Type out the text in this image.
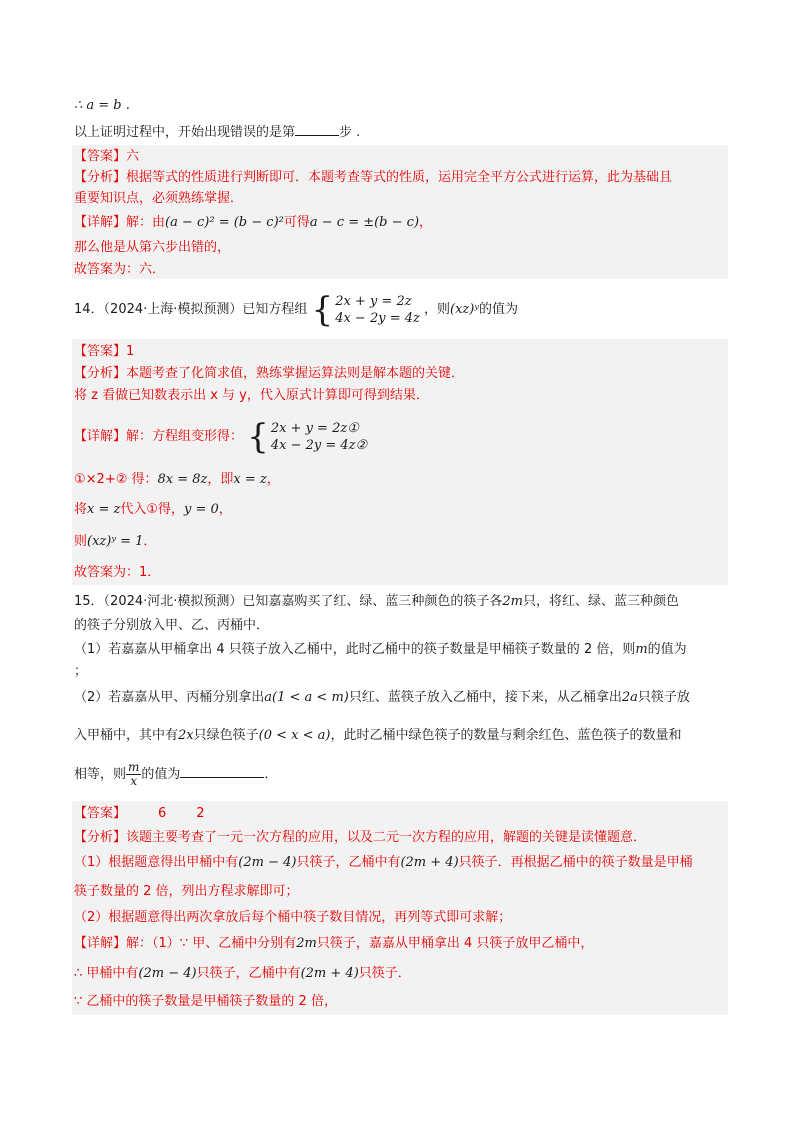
∴ a = b .
以上证明过程中，开始出现错误的是第	步 .
【答案】六
【分析】根据等式的性质进行判断即可．本题考查等式的性质，运用完全平方公式进行运算，此为基础且
重要知识点，必须熟练掌握．
【详解】解：由(a − c)² = (b − c)²可得a − c = ±(b − c)，
那么他是从第六步出错的，
故答案为：六．
14．（2024·上海·模拟预测）已知方程组 { 2x + y = 2z
4x − 2y = 4z
，则(xz)ʸ的值为
【答案】1
【分析】本题考查了化简求值，熟练掌握运算法则是解本题的关键．
将 z 看做已知数表示出 x 与 y，代入原式计算即可得到结果．
【详解】解：方程组变形得： { 2x + y = 2z①
4x − 2y = 4z②
①×2+② 得：8x = 8z，即x = z，
将x = z代入①得，y = 0，
则(xz)ʸ = 1．
故答案为：1．
15．（2024·河北·模拟预测）已知嘉嘉购买了红、绿、蓝三种颜色的筷子各2m只，将红、绿、蓝三种颜色
的筷子分别放入甲、乙、丙桶中．
（1）若嘉嘉从甲桶拿出 4 只筷子放入乙桶中，此时乙桶中的筷子数量是甲桶筷子数量的 2 倍，则m的值为
；
（2）若嘉嘉从甲、丙桶分别拿出a(1 < a < m)只红、蓝筷子放入乙桶中，接下来，从乙桶拿出2a只筷子放
入甲桶中，其中有2x只绿色筷子(0 < x < a)，此时乙桶中绿色筷子的数量与剩余红色、蓝色筷子的数量和
相等，则 $\frac{m}{x}$ 的值为	．
【答案】 6 2
【分析】该题主要考查了一元一次方程的应用，以及二元一次方程的应用，解题的关键是读懂题意．
（1）根据题意得出甲桶中有(2m − 4)只筷子，乙桶中有(2m + 4)只筷子．再根据乙桶中的筷子数量是甲桶
筷子数量的 2 倍，列出方程求解即可；
（2）根据题意得出两次拿放后每个桶中筷子数目情况，再列等式即可求解；
【详解】解：（1）∵ 甲、乙桶中分别有2m只筷子，嘉嘉从甲桶拿出 4 只筷子放甲乙桶中，
∴ 甲桶中有(2m − 4)只筷子，乙桶中有(2m + 4)只筷子．
∵ 乙桶中的筷子数量是甲桶筷子数量的 2 倍，
